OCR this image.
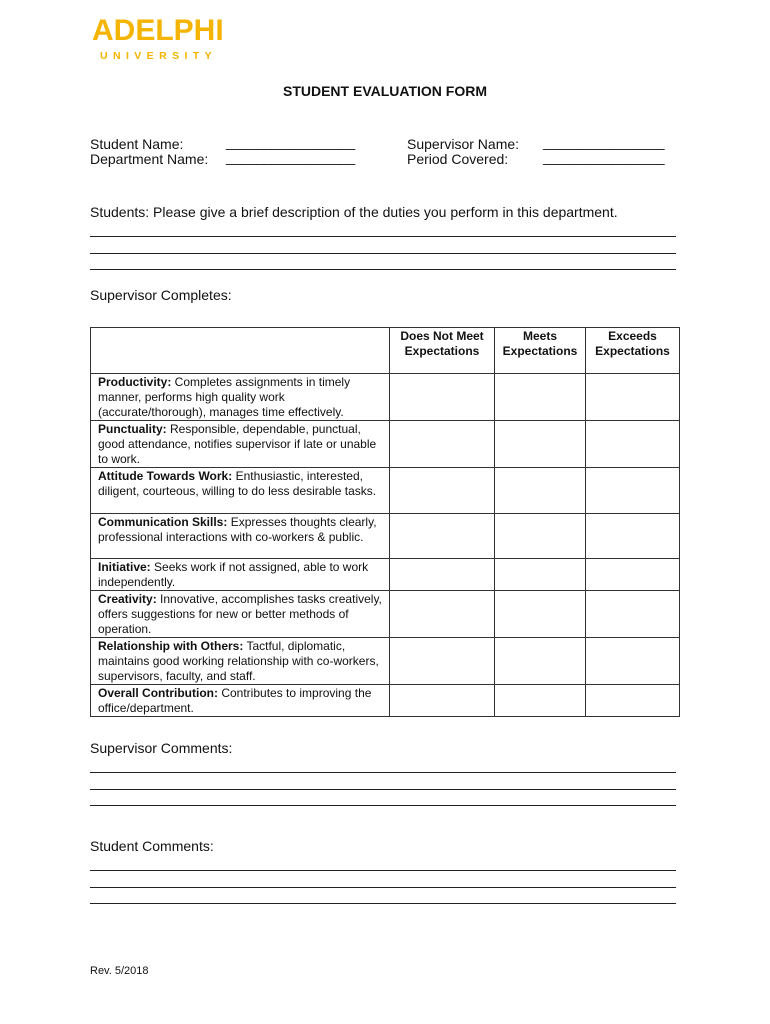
ADELPHI
UNIVERSITY
STUDENT EVALUATION FORM
Student Name:	_________________
Department Name: _________________
Supervisor Name: ________________
Period Covered: ________________
Students: Please give a brief description of the duties you perform in this department.
Supervisor Completes:
	Does Not Meet Expectations	Meets Expectations	Exceeds Expectations
Productivity: Completes assignments in timely manner, performs high quality work (accurate/thorough), manages time effectively.			
Punctuality: Responsible, dependable, punctual, good attendance, notifies supervisor if late or unable to work.			
Attitude Towards Work: Enthusiastic, interested, diligent, courteous, willing to do less desirable tasks.			
Communication Skills: Expresses thoughts clearly, professional interactions with co-workers & public.			
Initiative: Seeks work if not assigned, able to work independently.			
Creativity: Innovative, accomplishes tasks creatively, offers suggestions for new or better methods of operation.			
Relationship with Others: Tactful, diplomatic, maintains good working relationship with co-workers, supervisors, faculty, and staff.			
Overall Contribution: Contributes to improving the office/department.			
Supervisor Comments:
Student Comments:
Rev. 5/2018
